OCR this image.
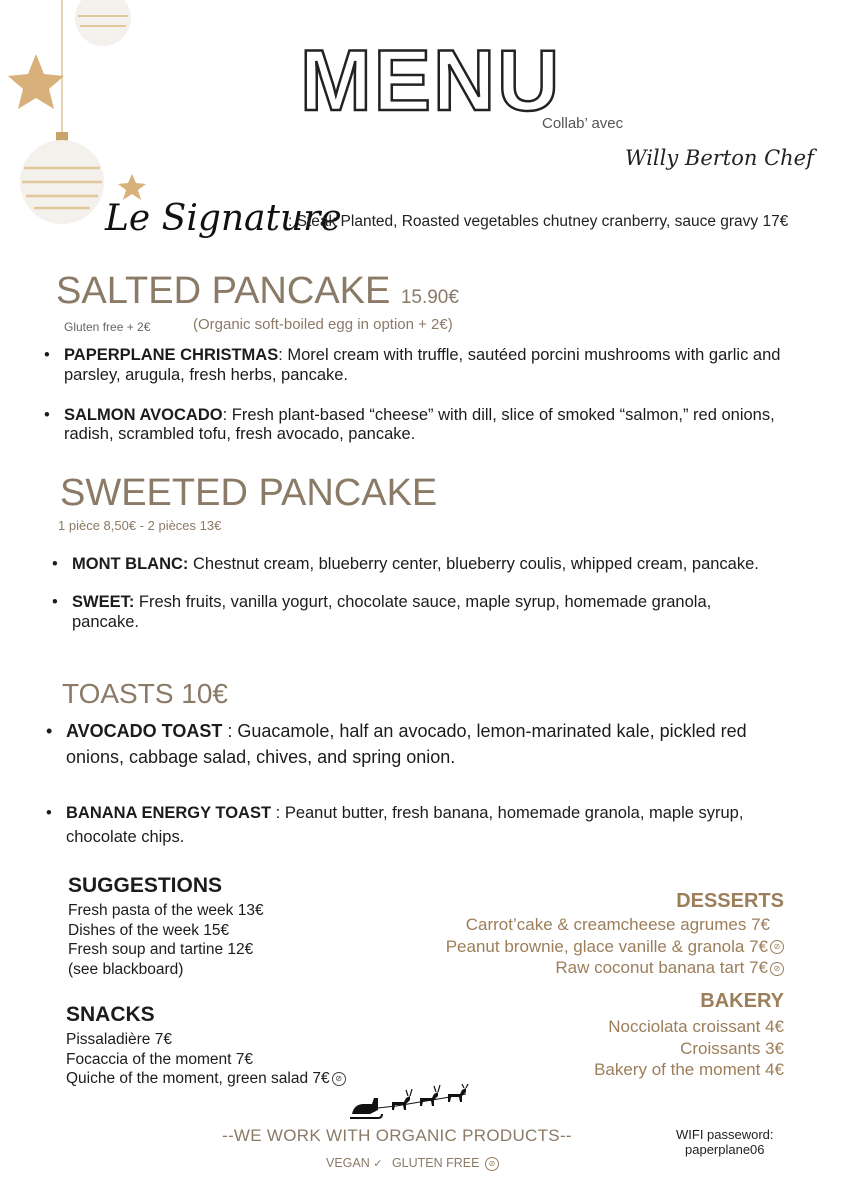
MENU
Collab’ avec
Willy Berton Chef
Le Signature
: Steak Planted, Roasted vegetables chutney cranberry, sauce gravy 17€
SALTED PANCAKE 15.90€
Gluten free + 2€	(Organic soft-boiled egg in option + 2€)
• PAPERPLANE CHRISTMAS: Morel cream with truffle, sautéed porcini mushrooms with garlic and parsley, arugula, fresh herbs, pancake.
• SALMON AVOCADO: Fresh plant-based “cheese” with dill, slice of smoked “salmon,” red onions, radish, scrambled tofu, fresh avocado, pancake.
SWEETED PANCAKE
1 pièce 8,50€ - 2 pièces 13€
• MONT BLANC: Chestnut cream, blueberry center, blueberry coulis, whipped cream, pancake.
• SWEET: Fresh fruits, vanilla yogurt, chocolate sauce, maple syrup, homemade granola, pancake.
TOASTS 10€
• AVOCADO TOAST : Guacamole, half an avocado, lemon-marinated kale, pickled red onions, cabbage salad, chives, and spring onion.
• BANANA ENERGY TOAST : Peanut butter, fresh banana, homemade granola, maple syrup, chocolate chips.
SUGGESTIONS
Fresh pasta of the week 13€
Dishes of the week 15€
Fresh soup and tartine 12€
(see blackboard)
SNACKS
Pissaladière 7€
Focaccia of the moment 7€
Quiche of the moment, green salad 7€ ⊘
DESSERTS
Carrot’cake & creamcheese agrumes 7€
Peanut brownie, glace vanille & granola 7€ ⊘
Raw coconut banana tart 7€ ⊘
BAKERY
Nocciolata croissant 4€
Croissants 3€
Bakery of the moment 4€
--WE WORK WITH ORGANIC PRODUCTS--
VEGAN ✓ GLUTEN FREE ⊘
WIFI passeword:
paperplane06
